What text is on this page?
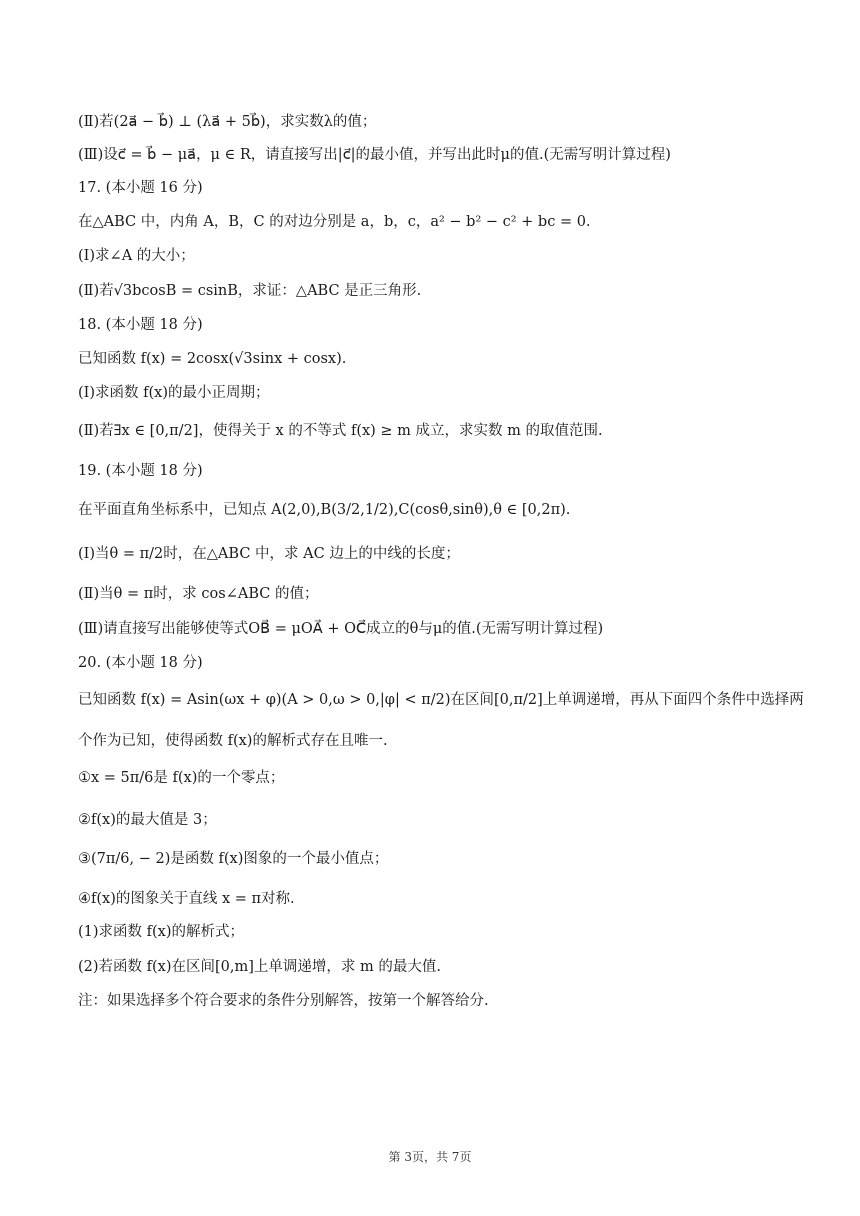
(Ⅱ)若(2a⃗ − b⃗) ⊥ (λa⃗ + 5b⃗)，求实数λ的值；
(Ⅲ)设c⃗ = b⃗ − μa⃗，μ ∈ R，请直接写出|c⃗|的最小值，并写出此时μ的值.(无需写明计算过程)
17. (本小题 16 分)
在△ABC 中，内角 A，B，C 的对边分别是 a，b，c，a² − b² − c² + bc = 0.
(Ⅰ)求∠A 的大小；
(Ⅱ)若√3bcosB = csinB，求证：△ABC 是正三角形.
18. (本小题 18 分)
已知函数 f(x) = 2cosx(√3sinx + cosx).
(Ⅰ)求函数 f(x)的最小正周期；
(Ⅱ)若∃x ∈ [0,π/2]，使得关于 x 的不等式 f(x) ≥ m 成立，求实数 m 的取值范围.
19. (本小题 18 分)
在平面直角坐标系中，已知点 A(2,0),B(3/2,1/2),C(cosθ,sinθ),θ ∈ [0,2π).
(Ⅰ)当θ = π/2时，在△ABC 中，求 AC 边上的中线的长度；
(Ⅱ)当θ = π时，求 cos∠ABC 的值；
(Ⅲ)请直接写出能够使等式OB⃗ = μOA⃗ + OC⃗成立的θ与μ的值.(无需写明计算过程)
20. (本小题 18 分)
已知函数 f(x) = Asin(ωx + φ)(A > 0,ω > 0,|φ| < π/2)在区间[0,π/2]上单调递增，再从下面四个条件中选择两
个作为已知，使得函数 f(x)的解析式存在且唯一.
①x = 5π/6是 f(x)的一个零点；
②f(x)的最大值是 3；
③(7π/6, − 2)是函数 f(x)图象的一个最小值点；
④f(x)的图象关于直线 x = π对称.
(1)求函数 f(x)的解析式；
(2)若函数 f(x)在区间[0,m]上单调递增，求 m 的最大值.
注：如果选择多个符合要求的条件分别解答，按第一个解答给分.
第 3页，共 7页
